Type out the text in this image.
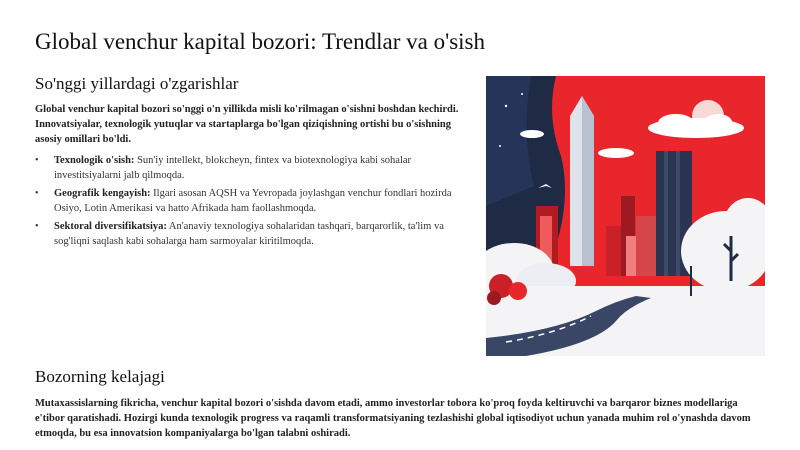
Global venchur kapital bozori: Trendlar va o'sish
So'nggi yillardagi o'zgarishlar

Global venchur kapital bozori so'nggi o'n yillikda misli ko'rilmagan o'sishni boshdan kechirdi. Innovatsiyalar, texnologik yutuqlar va startaplarga bo'lgan qiziqishning ortishi bu o'sishning asosiy omillari bo'ldi.

• Texnologik o'sish: Sun'iy intellekt, blokcheyn, fintex va biotexnologiya kabi sohalar investitsiyalarni jalb qilmoqda.
• Geografik kengayish: Ilgari asosan AQSH va Yevropada joylashgan venchur fondlari hozirda Osiyo, Lotin Amerikasi va hatto Afrikada ham faollashmoqda.
• Sektoral diversifikatsiya: An'anaviy texnologiya sohalaridan tashqari, barqarorlik, ta'lim va sog'liqni saqlash kabi sohalarga ham sarmoyalar kiritilmoqda.
Bozorning kelajagi

Mutaxassislarning fikricha, venchur kapital bozori o'sishda davom etadi, ammo investorlar tobora ko'proq foyda keltiruvchi va barqaror biznes modellariga e'tibor qaratishadi. Hozirgi kunda texnologik progress va raqamli transformatsiyaning tezlashishi global iqtisodiyot uchun yanada muhim rol o'ynashda davom etmoqda, bu esa innovatsion kompaniyalarga bo'lgan talabni oshiradi.
